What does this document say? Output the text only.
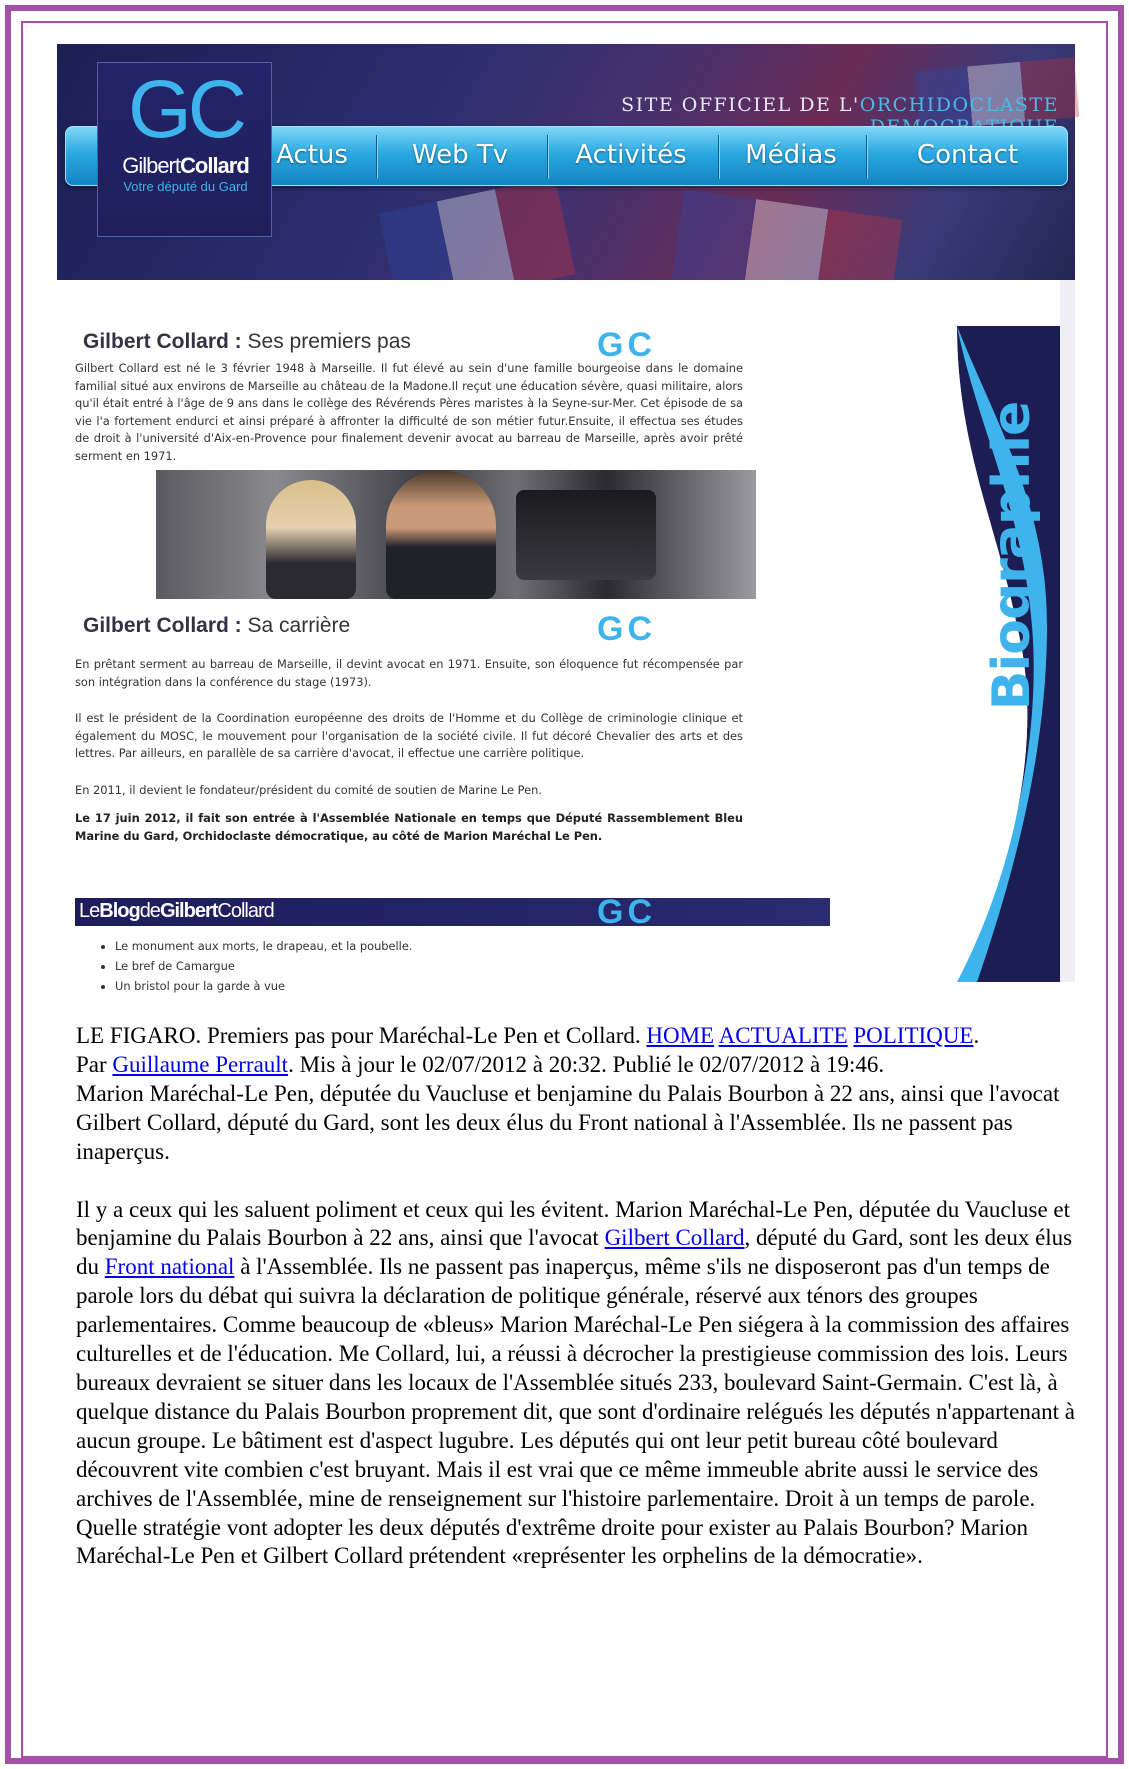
SITE OFFICIEL DE L'ORCHIDOCLASTE
Actus	Web Tv	Activités	Médias	Contact
GC
GilbertCollard
Votre député du Gard
Gilbert Collard : Ses premiers pas	GC
Gilbert Collard est né le 3 février 1948 à Marseille. Il fut élevé au sein d'une famille bourgeoise dans le domaine familial situé aux environs de Marseille au château de la Madone.Il reçut une éducation sévère, quasi militaire, alors qu'il était entré à l'âge de 9 ans dans le collège des Révérends Pères maristes à la Seyne-sur-Mer. Cet épisode de sa vie l'a fortement endurci et ainsi préparé à affronter la difficulté de son métier futur.Ensuite, il effectua ses études de droit à l'université d'Aix-en-Provence pour finalement devenir avocat au barreau de Marseille, après avoir prêté serment en 1971.
Gilbert Collard : Sa carrière	GC
En prêtant serment au barreau de Marseille, il devint avocat en 1971. Ensuite, son éloquence fut récompensée par son intégration dans la conférence du stage (1973).
Il est le président de la Coordination européenne des droits de l'Homme et du Collège de criminologie clinique et également du MOSC, le mouvement pour l'organisation de la société civile. Il fut décoré Chevalier des arts et des lettres. Par ailleurs, en parallèle de sa carrière d'avocat, il effectue une carrière politique.
En 2011, il devient le fondateur/président du comité de soutien de Marine Le Pen.
Le 17 juin 2012, il fait son entrée à l'Assemblée Nationale en temps que Député Rassemblement Bleu Marine du Gard, Orchidoclaste démocratique, au côté de Marion Maréchal Le Pen.
LeBlogdeGilbertCollard	GC
• Le monument aux morts, le drapeau, et la poubelle.
• Le bref de Camargue
• Un bristol pour la garde à vue
Biographie

LE FIGARO. Premiers pas pour Maréchal-Le Pen et Collard. HOME ACTUALITE POLITIQUE.

Par Guillaume Perrault. Mis à jour le 02/07/2012 à 20:32. Publié le 02/07/2012 à 19:46.

Marion Maréchal-Le Pen, députée du Vaucluse et benjamine du Palais Bourbon à 22 ans, ainsi que l'avocat Gilbert Collard, député du Gard, sont les deux élus du Front national à l'Assemblée. Ils ne passent pas inaperçus.

Il y a ceux qui les saluent poliment et ceux qui les évitent. Marion Maréchal-Le Pen, députée du Vaucluse et benjamine du Palais Bourbon à 22 ans, ainsi que l'avocat Gilbert Collard, député du Gard, sont les deux élus du Front national à l'Assemblée. Ils ne passent pas inaperçus, même s'ils ne disposeront pas d'un temps de parole lors du débat qui suivra la déclaration de politique générale, réservé aux ténors des groupes parlementaires. Comme beaucoup de «bleus» Marion Maréchal-Le Pen siégera à la commission des affaires culturelles et de l'éducation. Me Collard, lui, a réussi à décrocher la prestigieuse commission des lois. Leurs bureaux devraient se situer dans les locaux de l'Assemblée situés 233, boulevard Saint-Germain. C'est là, à quelque distance du Palais Bourbon proprement dit, que sont d'ordinaire relégués les députés n'appartenant à aucun groupe. Le bâtiment est d'aspect lugubre. Les députés qui ont leur petit bureau côté boulevard découvrent vite combien c'est bruyant. Mais il est vrai que ce même immeuble abrite aussi le service des archives de l'Assemblée, mine de renseignement sur l'histoire parlementaire. Droit à un temps de parole. Quelle stratégie vont adopter les deux députés d'extrême droite pour exister au Palais Bourbon? Marion Maréchal-Le Pen et Gilbert Collard prétendent «représenter les orphelins de la démocratie».
